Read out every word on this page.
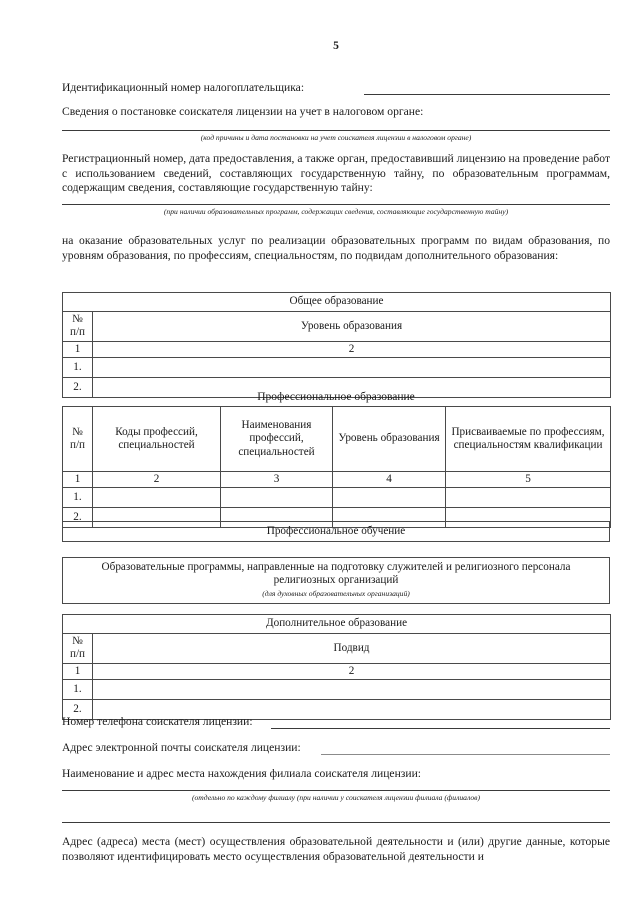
5
Идентификационный номер налогоплательщика:
Сведения о постановке соискателя лицензии на учет в налоговом органе:
(код причины и дата постановки на учет соискателя лицензии в налоговом органе)

Регистрационный номер, дата предоставления, а также орган, предоставивший лицензию на проведение работ с использованием сведений, составляющих государственную тайну, по образовательным программам, содержащим сведения, составляющие государственную тайну:

(при наличии образовательных программ, содержащих сведения, составляющие государственную тайну)

на оказание образовательных услуг по реализации образовательных программ по видам образования, по уровням образования, по профессиям, специальностям, по подвидам дополнительного образования:

Общее образование	
№
п/п	Уровень образования
1	2
1.	
2.	
Профессиональное образование
№
п/п	Коды профессий, специальностей	Наименования профессий, специальностей	Уровень образования	Присваиваемые по профессиям, специальностям квалификации
1	2	3	4	5
1.				
2.				
Профессиональное обучение
Образовательные программы, направленные на подготовку служителей и религиозного персонала религиозных организаций
(для духовных образовательных организаций)
Дополнительное образование	
№
п/п	Подвид
1	2
1.	
2.	
Номер телефона соискателя лицензии:
Адрес электронной почты соискателя лицензии:
Наименование и адрес места нахождения филиала соискателя лицензии:
(отдельно по каждому филиалу (при наличии у соискателя лицензии филиала (филиалов)

Адрес (адреса) места (мест) осуществления образовательной деятельности и (или) другие данные, которые позволяют идентифицировать место осуществления образовательной деятельности и
